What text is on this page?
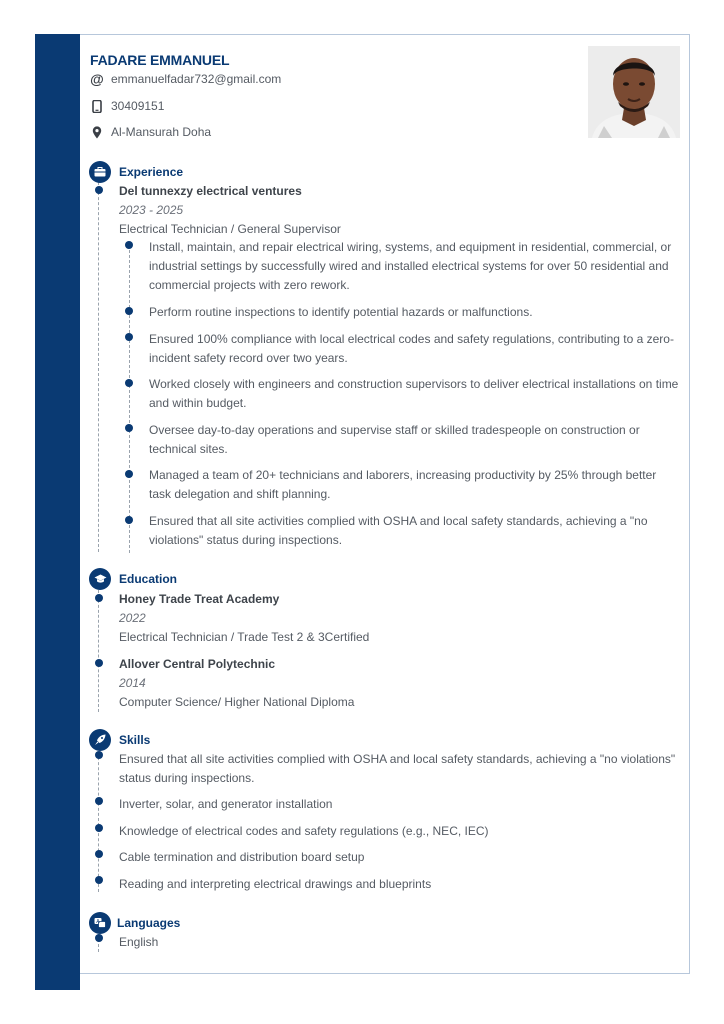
FADARE EMMANUEL
@ emmanuelfadar732@gmail.com
30409151
Al-Mansurah Doha
Experience
Del tunnexzy electrical ventures
2023 - 2025
Electrical Technician / General Supervisor
Install, maintain, and repair electrical wiring, systems, and equipment in residential, commercial, or industrial settings by successfully wired and installed electrical systems for over 50 residential and commercial projects with zero rework.
Perform routine inspections to identify potential hazards or malfunctions.
Ensured 100% compliance with local electrical codes and safety regulations, contributing to a zero-incident safety record over two years.
Worked closely with engineers and construction supervisors to deliver electrical installations on time and within budget.
Oversee day-to-day operations and supervise staff or skilled tradespeople on construction or technical sites.
Managed a team of 20+ technicians and laborers, increasing productivity by 25% through better task delegation and shift planning.
Ensured that all site activities complied with OSHA and local safety standards, achieving a "no violations" status during inspections.
Education
Honey Trade Treat Academy
2022
Electrical Technician / Trade Test 2 & 3Certified
Allover Central Polytechnic
2014
Computer Science/ Higher National Diploma
Skills
Ensured that all site activities complied with OSHA and local safety standards, achieving a "no violations" status during inspections.
Inverter, solar, and generator installation
Knowledge of electrical codes and safety regulations (e.g., NEC, IEC)
Cable termination and distribution board setup
Reading and interpreting electrical drawings and blueprints
A Languages
English
